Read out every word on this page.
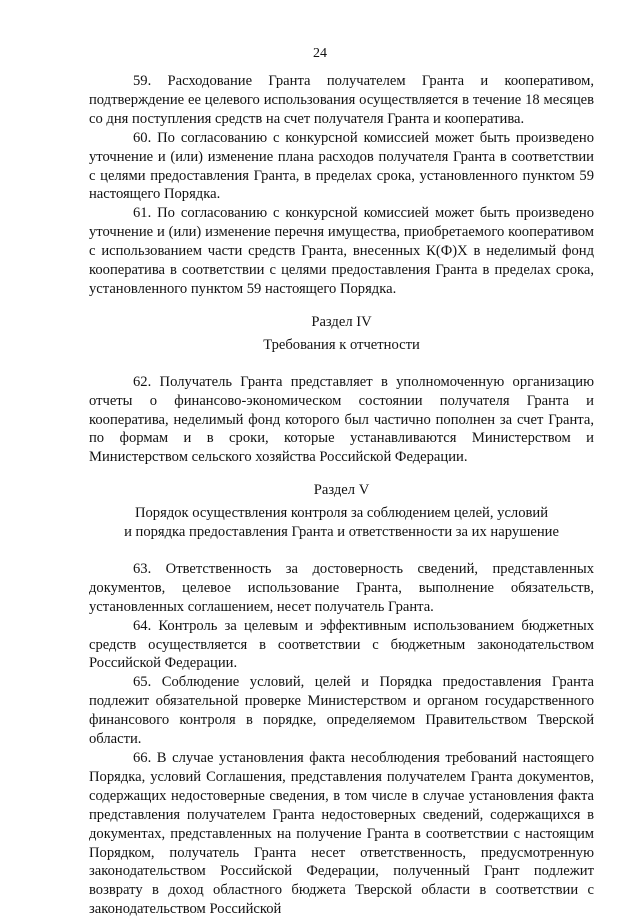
24

59. Расходование Гранта получателем Гранта и кооперативом, подтверждение ее целевого использования осуществляется в течение 18 месяцев со дня поступления средств на счет получателя Гранта и кооператива.

60. По согласованию с конкурсной комиссией может быть произведено уточнение и (или) изменение плана расходов получателя Гранта в соответствии с целями предоставления Гранта, в пределах срока, установленного пунктом 59 настоящего Порядка.

61. По согласованию с конкурсной комиссией может быть произведено уточнение и (или) изменение перечня имущества, приобретаемого кооперативом с использованием части средств Гранта, внесенных К(Ф)Х в неделимый фонд кооператива в соответствии с целями предоставления Гранта в пределах срока, установленного пунктом 59 настоящего Порядка.

Раздел IV

Требования к отчетности

62. Получатель Гранта представляет в уполномоченную организацию отчеты о финансово-экономическом состоянии получателя Гранта и кооператива, неделимый фонд которого был частично пополнен за счет Гранта, по формам и в сроки, которые устанавливаются Министерством и Министерством сельского хозяйства Российской Федерации.

Раздел V

Порядок осуществления контроля за соблюдением целей, условий

и порядка предоставления Гранта и ответственности за их нарушение

63. Ответственность за достоверность сведений, представленных документов, целевое использование Гранта, выполнение обязательств, установленных соглашением, несет получатель Гранта.

64. Контроль за целевым и эффективным использованием бюджетных средств осуществляется в соответствии с бюджетным законодательством Российской Федерации.

65. Соблюдение условий, целей и Порядка предоставления Гранта подлежит обязательной проверке Министерством и органом государственного финансового контроля в порядке, определяемом Правительством Тверской области.

66. В случае установления факта несоблюдения требований настоящего Порядка, условий Соглашения, представления получателем Гранта документов, содержащих недостоверные сведения, в том числе в случае установления факта представления получателем Гранта недостоверных сведений, содержащихся в документах, представленных на получение Гранта в соответствии с настоящим Порядком, получатель Гранта несет ответственность, предусмотренную законодательством Российской Федерации, полученный Грант подлежит возврату в доход областного бюджета Тверской области в соответствии с законодательством Российской
